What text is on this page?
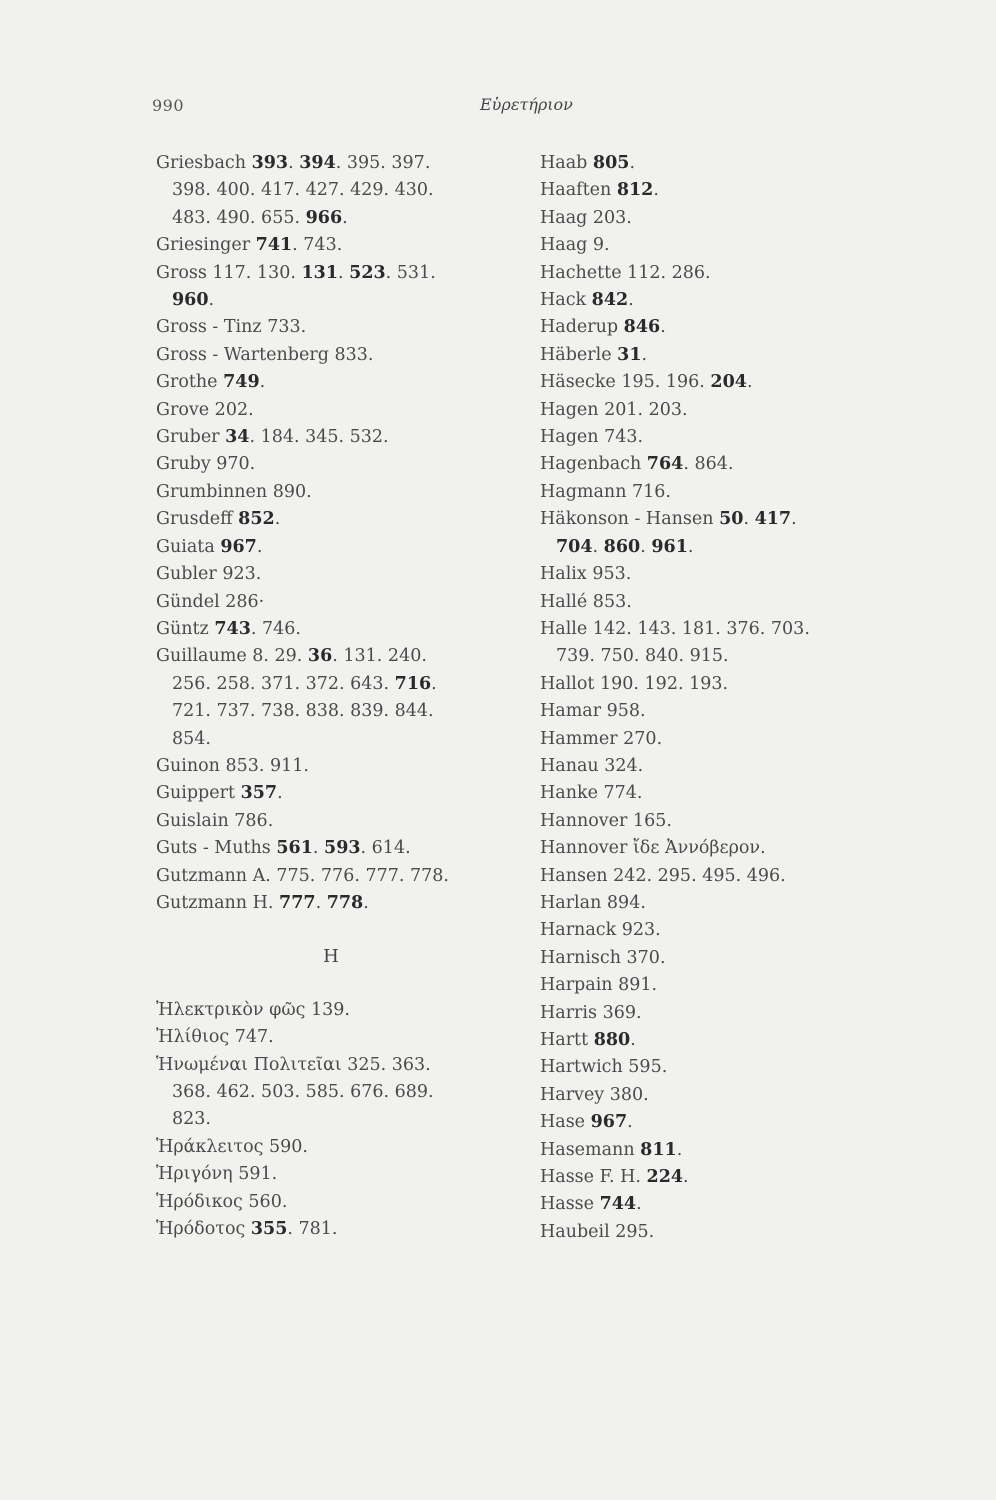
990	Εὑρετήριον
Griesbach 393. 394. 395. 397.
398. 400. 417. 427. 429. 430.
483. 490. 655. 966.
Griesinger 741. 743.
Gross 117. 130. 131. 523. 531.
960.
Gross - Tinz 733.
Gross - Wartenberg 833.
Grothe 749.
Grove 202.
Gruber 34. 184. 345. 532.
Gruby 970.
Grumbinnen 890.
Grusdeff 852.
Guiata 967.
Gubler 923.
Gündel 286·
Güntz 743. 746.
Guillaume 8. 29. 36. 131. 240.
256. 258. 371. 372. 643. 716.
721. 737. 738. 838. 839. 844.
854.
Guinon 853. 911.
Guippert 357.
Guislain 786.
Guts - Muths 561. 593. 614.
Gutzmann A. 775. 776. 777. 778.
Gutzmann H. 777. 778.
H
Ἠλεκτρικὸν φῶς 139.
Ἠλίθιος 747.
Ἡνωμέναι Πολιτεῖαι 325. 363.
368. 462. 503. 585. 676. 689.
823.
Ἡράκλειτος 590.
Ἡριγόνη 591.
Ἡρόδικος 560.
Ἡρόδοτος 355. 781.
Haab 805.
Haaften 812.
Haag 203.
Haag 9.
Hachette 112. 286.
Hack 842.
Haderup 846.
Häberle 31.
Häsecke 195. 196. 204.
Hagen 201. 203.
Hagen 743.
Hagenbach 764. 864.
Hagmann 716.
Häkonson - Hansen 50. 417.
704. 860. 961.
Halix 953.
Hallé 853.
Halle 142. 143. 181. 376. 703.
739. 750. 840. 915.
Hallot 190. 192. 193.
Hamar 958.
Hammer 270.
Hanau 324.
Hanke 774.
Hannover 165.
Hannover ἴδε Ἀννόβερον.
Hansen 242. 295. 495. 496.
Harlan 894.
Harnack 923.
Harnisch 370.
Harpain 891.
Harris 369.
Hartt 880.
Hartwich 595.
Harvey 380.
Hase 967.
Hasemann 811.
Hasse F. H. 224.
Hasse 744.
Haubeil 295.
